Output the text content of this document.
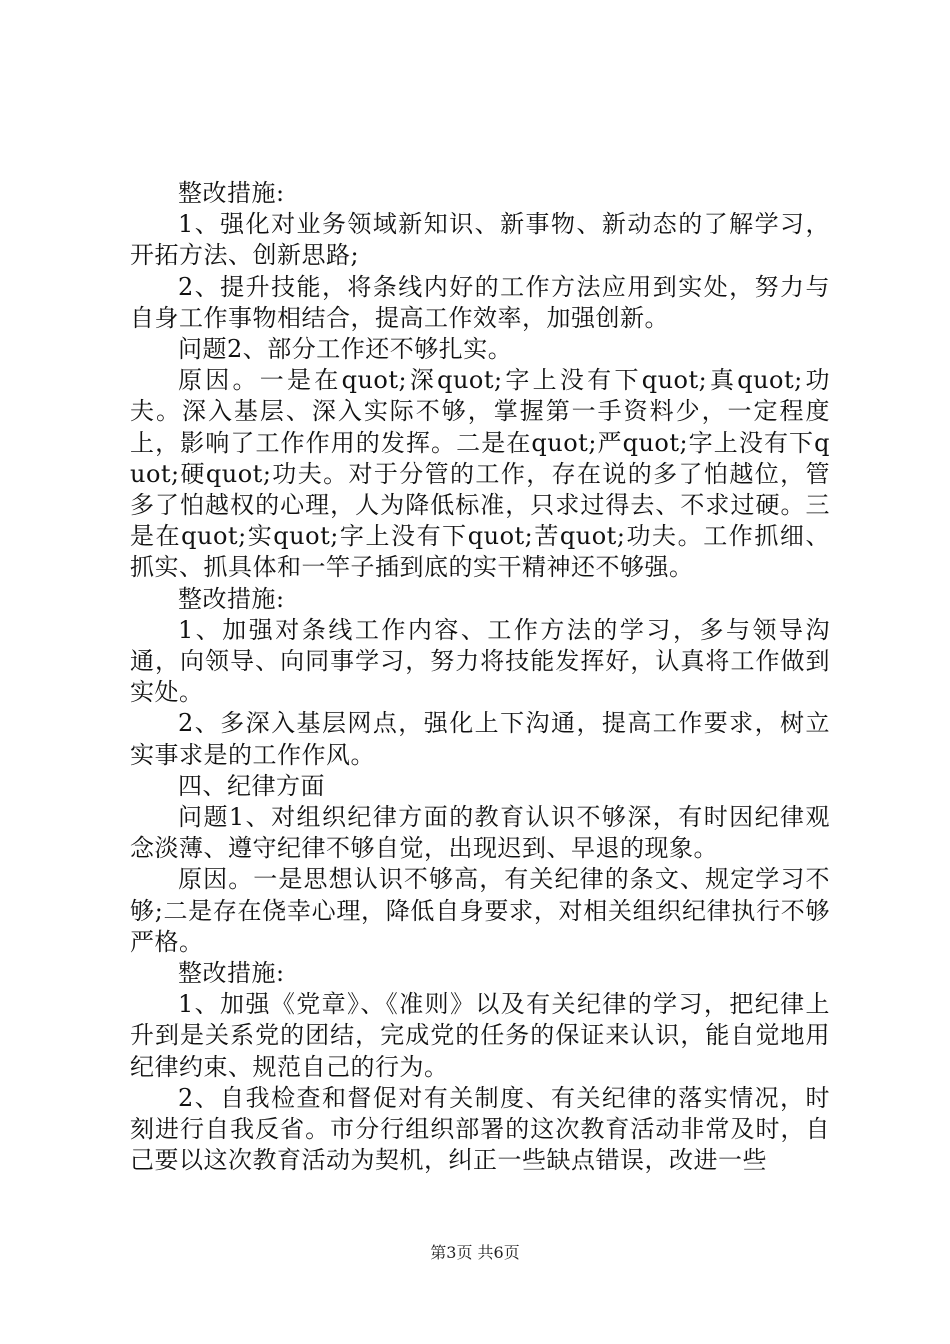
整改措施:

1、强化对业务领域新知识、新事物、新动态的了解学习，开拓方法、创新思路;

2、提升技能，将条线内好的工作方法应用到实处，努力与自身工作事物相结合，提高工作效率，加强创新。

问题2、部分工作还不够扎实。

原因。一是在quot;深quot;字上没有下quot;真quot;功夫。深入基层、深入实际不够，掌握第一手资料少，一定程度上，影响了工作作用的发挥。二是在quot;严quot;字上没有下quot;硬quot;功夫。对于分管的工作，存在说的多了怕越位，管多了怕越权的心理，人为降低标准，只求过得去、不求过硬。三是在quot;实quot;字上没有下quot;苦quot;功夫。工作抓细、抓实、抓具体和一竿子插到底的实干精神还不够强。

整改措施:

1、加强对条线工作内容、工作方法的学习，多与领导沟通，向领导、向同事学习，努力将技能发挥好，认真将工作做到实处。

2、多深入基层网点，强化上下沟通，提高工作要求，树立实事求是的工作作风。

四、纪律方面

问题1、对组织纪律方面的教育认识不够深，有时因纪律观念淡薄、遵守纪律不够自觉，出现迟到、早退的现象。

原因。一是思想认识不够高，有关纪律的条文、规定学习不够;二是存在侥幸心理，降低自身要求，对相关组织纪律执行不够严格。

整改措施:

1、加强《党章》、《准则》以及有关纪律的学习，把纪律上升到是关系党的团结，完成党的任务的保证来认识，能自觉地用纪律约束、规范自己的行为。

2、自我检查和督促对有关制度、有关纪律的落实情况，时刻进行自我反省。市分行组织部署的这次教育活动非常及时，自己要以这次教育活动为契机，纠正一些缺点错误，改进一些

第3页 共6页
